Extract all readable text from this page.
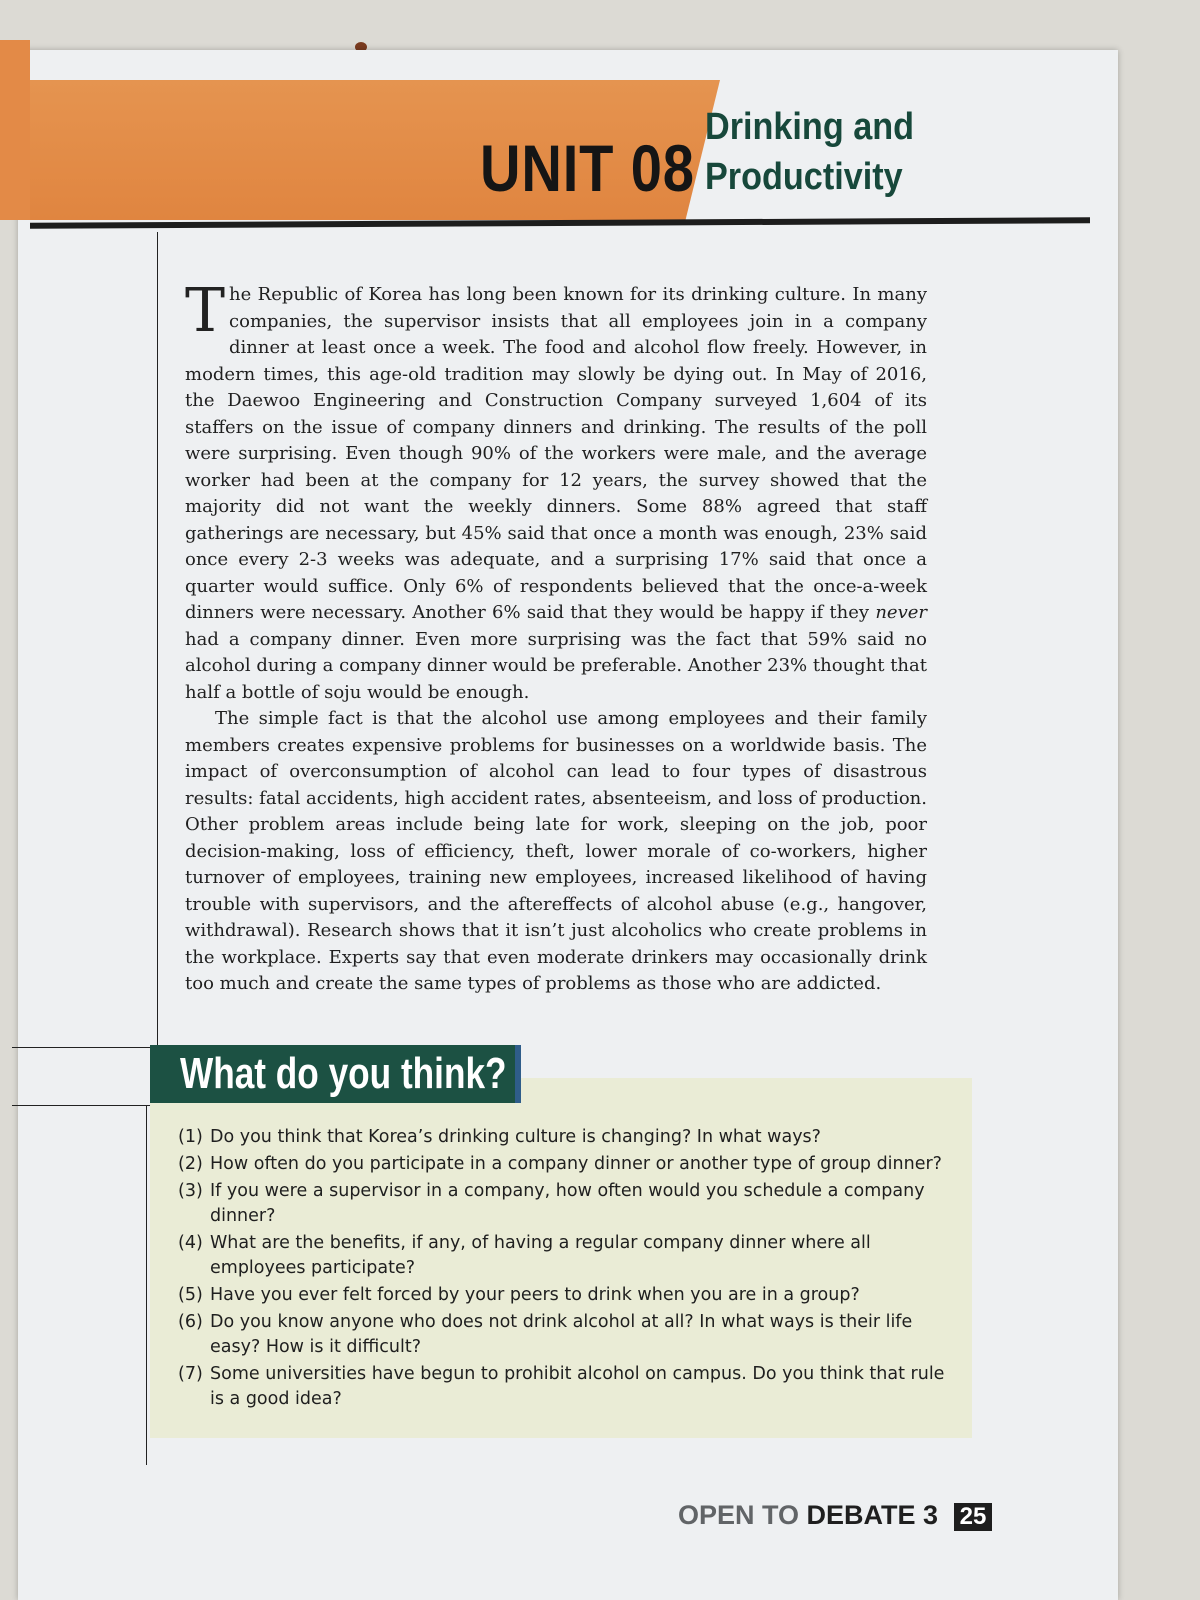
UNIT 08
Drinking and
Productivity

The Republic of Korea has long been known for its drinking culture. In many companies, the supervisor insists that all employees join in a company dinner at least once a week. The food and alcohol flow freely. However, in modern times, this age-old tradition may slowly be dying out. In May of 2016, the Daewoo Engineering and Construction Company surveyed 1,604 of its staffers on the issue of company dinners and drinking. The results of the poll were surprising. Even though 90% of the workers were male, and the average worker had been at the company for 12 years, the survey showed that the majority did not want the weekly dinners. Some 88% agreed that staff gatherings are necessary, but 45% said that once a month was enough, 23% said once every 2-3 weeks was adequate, and a surprising 17% said that once a quarter would suffice. Only 6% of respondents believed that the once-a-week dinners were necessary. Another 6% said that they would be happy if they never had a company dinner. Even more surprising was the fact that 59% said no alcohol during a company dinner would be preferable. Another 23% thought that half a bottle of soju would be enough.

The simple fact is that the alcohol use among employees and their family members creates expensive problems for businesses on a worldwide basis. The impact of overconsumption of alcohol can lead to four types of disastrous results: fatal accidents, high accident rates, absenteeism, and loss of production. Other problem areas include being late for work, sleeping on the job, poor decision-making, loss of efficiency, theft, lower morale of co-workers, higher turnover of employees, training new employees, increased likelihood of having trouble with supervisors, and the aftereffects of alcohol abuse (e.g., hangover, withdrawal). Research shows that it isn’t just alcoholics who create problems in the workplace. Experts say that even moderate drinkers may occasionally drink too much and create the same types of problems as those who are addicted.

What do you think?
(1) Do you think that Korea’s drinking culture is changing? In what ways?
(2) How often do you participate in a company dinner or another type of group dinner?
(3) If you were a supervisor in a company, how often would you schedule a company dinner?
(4) What are the benefits, if any, of having a regular company dinner where all employees participate?
(5) Have you ever felt forced by your peers to drink when you are in a group?
(6) Do you know anyone who does not drink alcohol at all? In what ways is their life easy? How is it difficult?
(7) Some universities have begun to prohibit alcohol on campus. Do you think that rule is a good idea?
OPEN TO DEBATE 3 25
